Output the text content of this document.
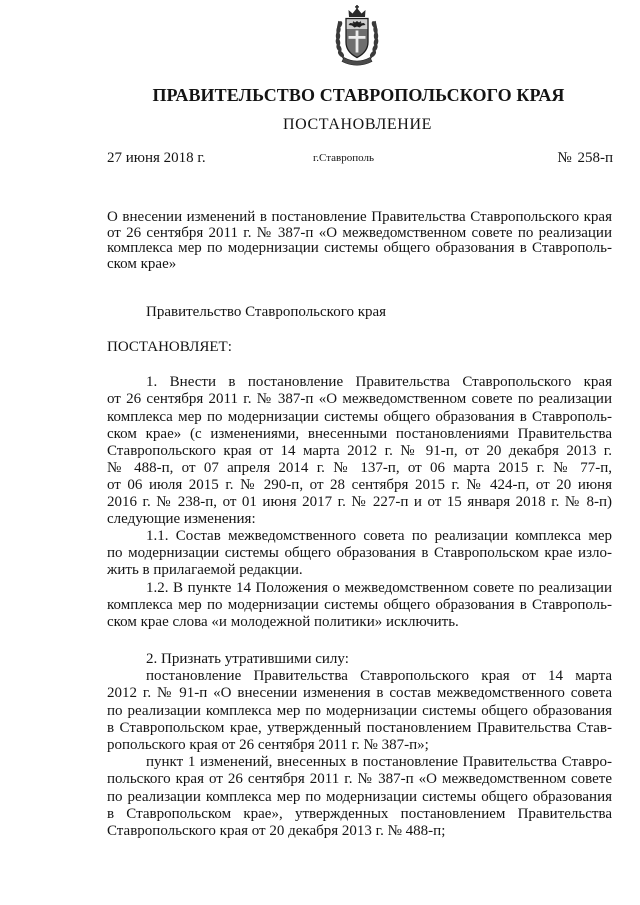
ПРАВИТЕЛЬСТВО СТАВРОПОЛЬСКОГО КРАЯ
ПОСТАНОВЛЕНИЕ
27 июня 2018 г.	г.Ставрополь	№ 258-п
О внесении изменений в постановление Правительства Ставропольского края
от 26 сентября 2011 г. № 387-п «О межведомственном совете по реализации
комплекса мер по модернизации системы общего образования в Ставрополь-
ском крае»
Правительство Ставропольского края
ПОСТАНОВЛЯЕТ:
1. Внести в постановление Правительства Ставропольского края
от 26 сентября 2011 г. № 387-п «О межведомственном совете по реализации
комплекса мер по модернизации системы общего образования в Ставрополь-
ском крае» (с изменениями, внесенными постановлениями Правительства
Ставропольского края от 14 марта 2012 г. № 91-п, от 20 декабря 2013 г.
№ 488-п, от 07 апреля 2014 г. № 137-п, от 06 марта 2015 г. № 77-п,
от 06 июля 2015 г. № 290-п, от 28 сентября 2015 г. № 424-п, от 20 июня
2016 г. № 238-п, от 01 июня 2017 г. № 227-п и от 15 января 2018 г. № 8-п)
следующие изменения:
1.1. Состав межведомственного совета по реализации комплекса мер
по модернизации системы общего образования в Ставропольском крае изло-
жить в прилагаемой редакции.
1.2. В пункте 14 Положения о межведомственном совете по реализации
комплекса мер по модернизации системы общего образования в Ставрополь-
ском крае слова «и молодежной политики» исключить.
2. Признать утратившими силу:
постановление Правительства Ставропольского края от 14 марта
2012 г. № 91-п «О внесении изменения в состав межведомственного совета
по реализации комплекса мер по модернизации системы общего образования
в Ставропольском крае, утвержденный постановлением Правительства Став-
ропольского края от 26 сентября 2011 г. № 387-п»;
пункт 1 изменений, внесенных в постановление Правительства Ставро-
польского края от 26 сентября 2011 г. № 387-п «О межведомственном совете
по реализации комплекса мер по модернизации системы общего образования
в Ставропольском крае», утвержденных постановлением Правительства
Ставропольского края от 20 декабря 2013 г. № 488-п;
